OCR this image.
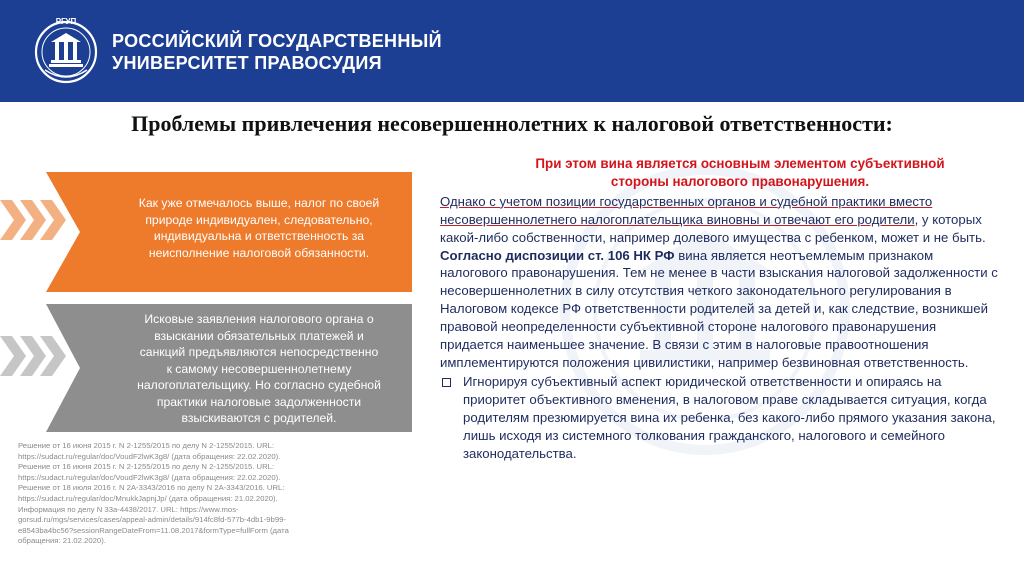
РГУП
РОССИЙСКИЙ ГОСУДАРСТВЕННЫЙ
УНИВЕРСИТЕТ ПРАВОСУДИЯ
Проблемы привлечения несовершеннолетних к налоговой ответственности:
Как уже отмечалось выше, налог по своей
природе индивидуален, следовательно,
индивидуальна и ответственность за
неисполнение налоговой обязанности.
Исковые заявления налогового органа о
взыскании обязательных платежей и
санкций предъявляются непосредственно
к самому несовершеннолетнему
налогоплательщику. Но согласно судебной
практики налоговые задолженности
взыскиваются с родителей.
Решение от 16 июня 2015 г. N 2-1255/2015 по делу N 2-1255/2015. URL:
https://sudact.ru/regular/doc/VoudF2lwK3g8/ (дата обращения: 22.02.2020).
Решение от 16 июня 2015 г. N 2-1255/2015 по делу N 2-1255/2015. URL:
https://sudact.ru/regular/doc/VoudF2lwK3g8/ (дата обращения: 22.02.2020).
Решение от 18 июля 2016 г. N 2А-3343/2016 по делу N 2А-3343/2016. URL:
https://sudact.ru/regular/doc/MnukkJapnjJp/ (дата обращения: 21.02.2020).
Информация по делу N 33а-4438/2017. URL: https://www.mos-
gorsud.ru/mgs/services/cases/appeal-admin/details/914fc8fd-577b-4db1-9b99-
e8543ba4bc56?sessionRangeDateFrom=11.08.2017&formType=fullForm (дата
обращения: 21.02.2020).
При этом вина является основным элементом субъективной
стороны налогового правонарушения.
Однако с учетом позиции государственных органов и судебной практики вместо несовершеннолетнего налогоплательщика виновны и отвечают его родители, у которых какой-либо собственности, например долевого имущества с ребенком, может и не быть.
Согласно диспозиции ст. 106 НК РФ вина является неотъемлемым признаком налогового правонарушения. Тем не менее в части взыскания налоговой задолженности с несовершеннолетних в силу отсутствия четкого законодательного регулирования в Налоговом кодексе РФ ответственности родителей за детей и, как следствие, возникшей правовой неопределенности субъективной стороне налогового правонарушения придается наименьшее значение. В связи с этим в налоговые правоотношения имплементируются положения цивилистики, например безвиновная ответственность.
Игнорируя субъективный аспект юридической ответственности и опираясь на приоритет объективного вменения, в налоговом праве складывается ситуация, когда родителям презюмируется вина их ребенка, без какого-либо прямого указания закона, лишь исходя из системного толкования гражданского, налогового и семейного законодательства.
